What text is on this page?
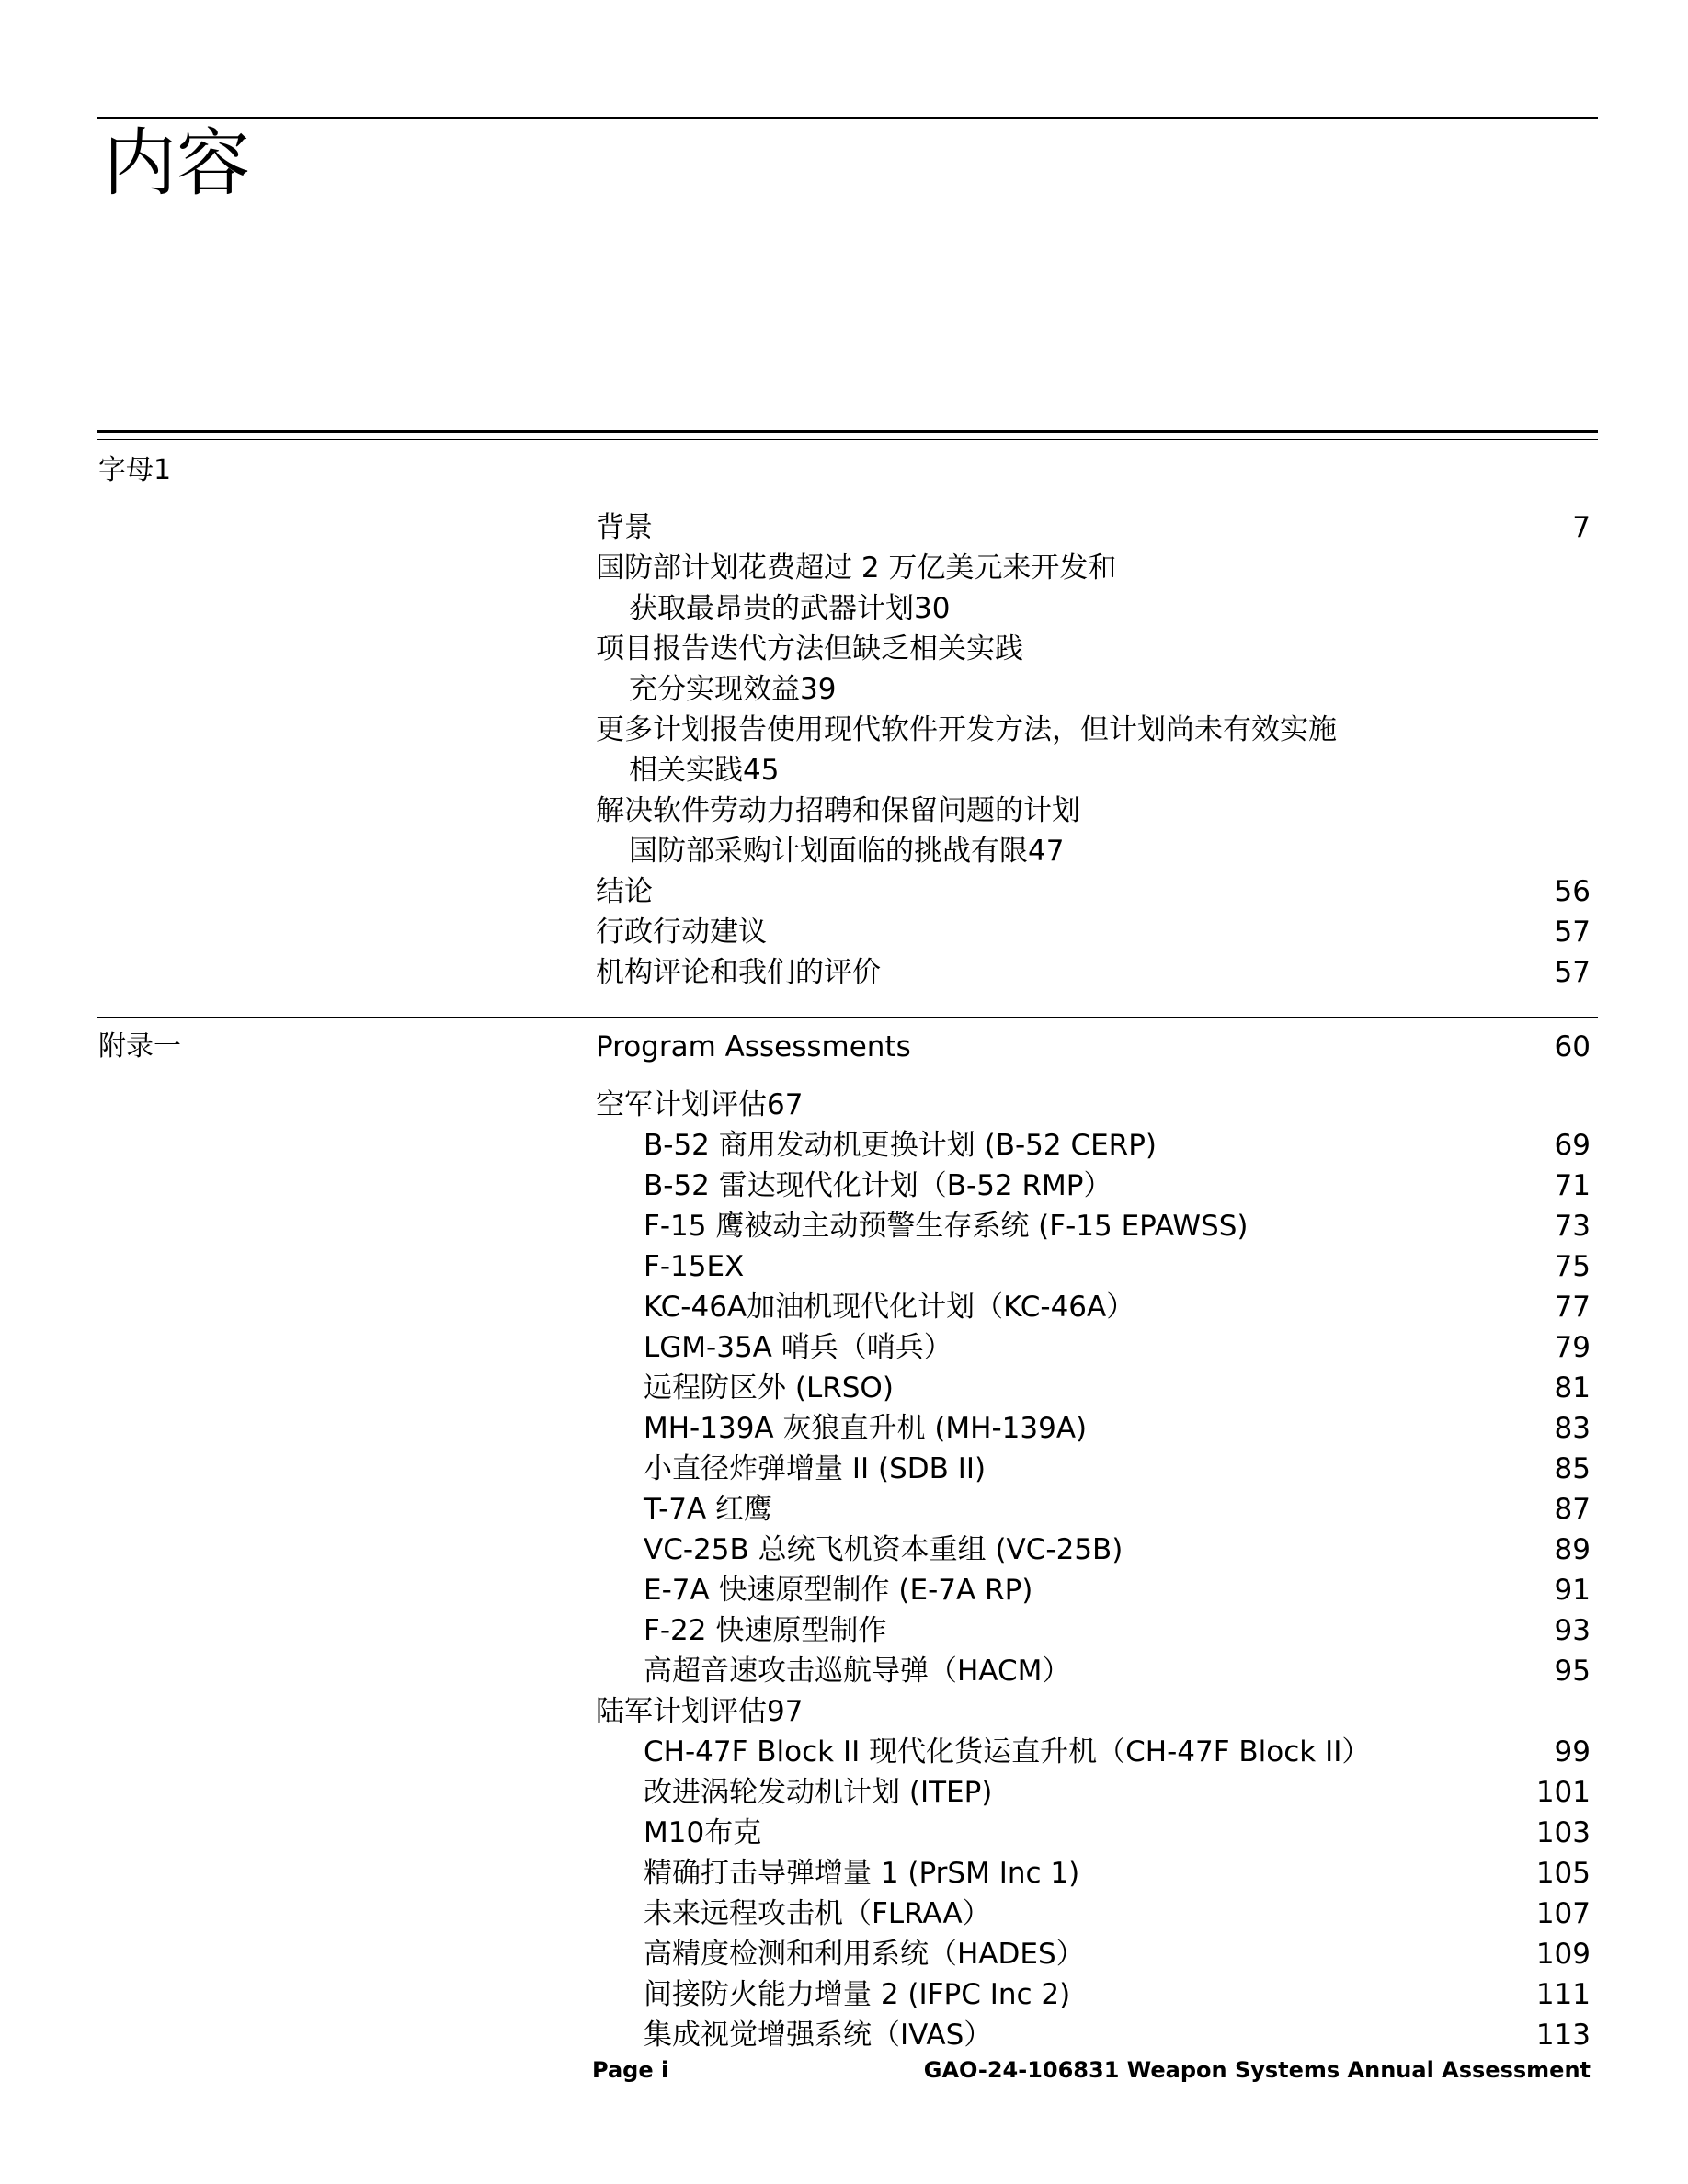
内容
字母1
背景	7
国防部计划花费超过 2 万亿美元来开发和
获取最昂贵的武器计划30
项目报告迭代方法但缺乏相关实践
充分实现效益39
更多计划报告使用现代软件开发方法，但计划尚未有效实施
相关实践45
解决软件劳动力招聘和保留问题的计划
国防部采购计划面临的挑战有限47
结论	56
行政行动建议	57
机构评论和我们的评价	57
附录一	Program Assessments	60
空军计划评估67
B-52 商用发动机更换计划 (B-52 CERP)	69
B-52 雷达现代化计划（B-52 RMP）	71
F-15 鹰被动主动预警生存系统 (F-15 EPAWSS)	73
F-15EX	75
KC-46A加油机现代化计划（KC-46A）	77
LGM-35A 哨兵（哨兵）	79
远程防区外 (LRSO)	81
MH-139A 灰狼直升机 (MH-139A)	83
小直径炸弹增量 II (SDB II)	85
T-7A 红鹰	87
VC-25B 总统飞机资本重组 (VC-25B)	89
E-7A 快速原型制作 (E-7A RP)	91
F-22 快速原型制作	93
高超音速攻击巡航导弹（HACM）	95
陆军计划评估97
CH-47F Block II 现代化货运直升机（CH-47F Block II）	99
改进涡轮发动机计划 (ITEP)	101
M10布克	103
精确打击导弹增量 1 (PrSM Inc 1)	105
未来远程攻击机（FLRAA）	107
高精度检测和利用系统（HADES）	109
间接防火能力增量 2 (IFPC Inc 2)	111
集成视觉增强系统（IVAS）	113
Page i	GAO-24-106831 Weapon Systems Annual Assessment
